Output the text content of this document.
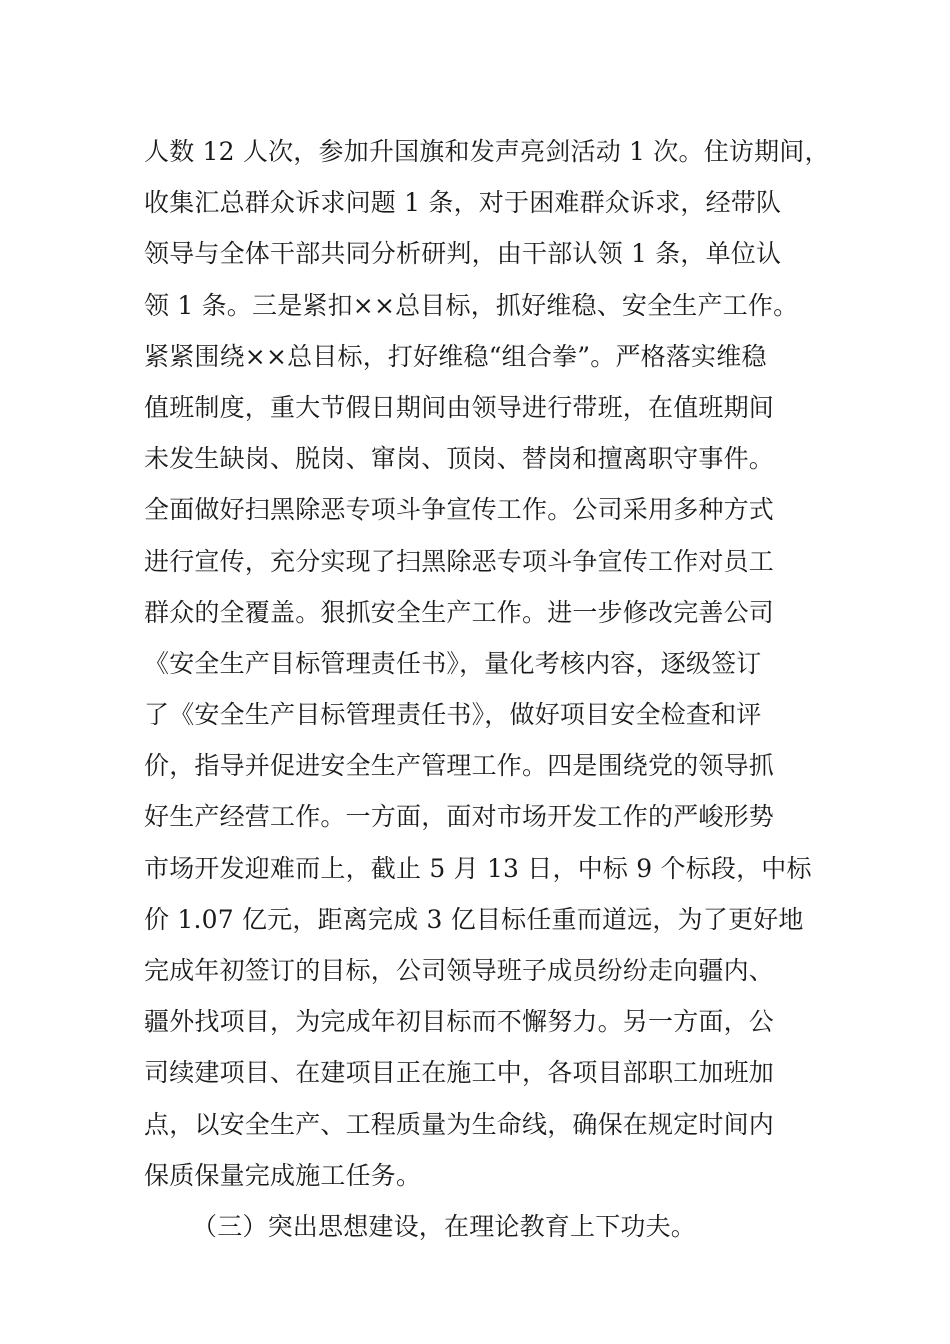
人数 12 人次，参加升国旗和发声亮剑活动 1 次。住访期间，
收集汇总群众诉求问题 1 条，对于困难群众诉求，经带队
领导与全体干部共同分析研判，由干部认领 1 条，单位认
领 1 条。三是紧扣××总目标，抓好维稳、安全生产工作。
紧紧围绕××总目标，打好维稳“组合拳”。严格落实维稳
值班制度，重大节假日期间由领导进行带班，在值班期间
未发生缺岗、脱岗、窜岗、顶岗、替岗和擅离职守事件。
全面做好扫黑除恶专项斗争宣传工作。公司采用多种方式
进行宣传，充分实现了扫黑除恶专项斗争宣传工作对员工
群众的全覆盖。狠抓安全生产工作。进一步修改完善公司
《安全生产目标管理责任书》，量化考核内容，逐级签订
了《安全生产目标管理责任书》，做好项目安全检查和评
价，指导并促进安全生产管理工作。四是围绕党的领导抓
好生产经营工作。一方面，面对市场开发工作的严峻形势
市场开发迎难而上，截止 5 月 13 日，中标 9 个标段，中标
价 1.07 亿元，距离完成 3 亿目标任重而道远，为了更好地
完成年初签订的目标，公司领导班子成员纷纷走向疆内、
疆外找项目，为完成年初目标而不懈努力。另一方面，公
司续建项目、在建项目正在施工中，各项目部职工加班加
点，以安全生产、工程质量为生命线，确保在规定时间内
保质保量完成施工任务。
（三）突出思想建设，在理论教育上下功夫。
